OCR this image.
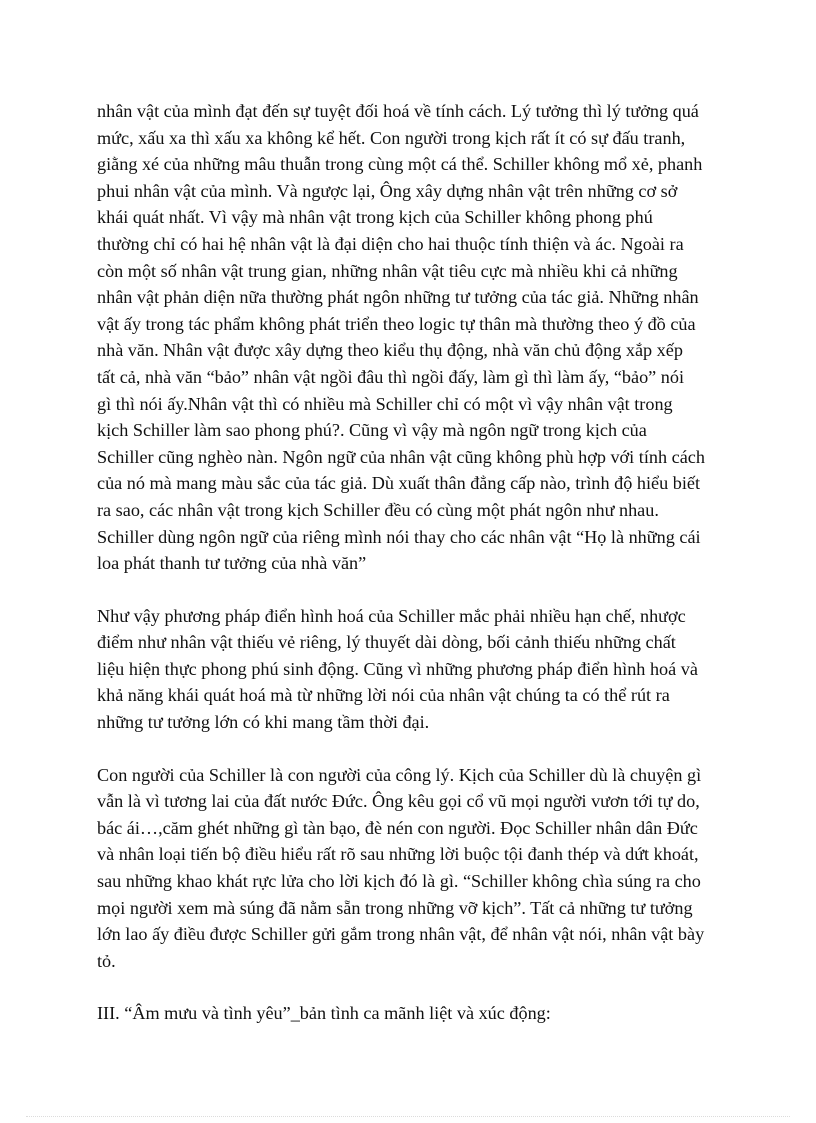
nhân vật của mình đạt đến sự tuyệt đối hoá về tính cách. Lý tưởng thì lý tưởng quá
mức, xấu xa thì xấu xa không kể hết. Con người trong kịch rất ít có sự đấu tranh,
giằng xé của những mâu thuẫn trong cùng một cá thể. Schiller không mổ xẻ, phanh
phui nhân vật của mình. Và ngược lại, Ông xây dựng nhân vật trên những cơ sở
khái quát nhất. Vì vậy mà nhân vật trong kịch của Schiller không phong phú
thường chỉ có hai hệ nhân vật là đại diện cho hai thuộc tính thiện và ác. Ngoài ra
còn một số nhân vật trung gian, những nhân vật tiêu cực mà nhiều khi cả những
nhân vật phản diện nữa thường phát ngôn những tư tưởng của tác giả. Những nhân
vật ấy trong tác phẩm không phát triển theo logic tự thân mà thường theo ý đồ của
nhà văn. Nhân vật được xây dựng theo kiểu thụ động, nhà văn chủ động xắp xếp
tất cả, nhà văn “bảo” nhân vật ngồi đâu thì ngồi đấy, làm gì thì làm ấy, “bảo” nói
gì thì nói ấy.Nhân vật thì có nhiều mà Schiller chỉ có một vì vậy nhân vật trong
kịch Schiller làm sao phong phú?. Cũng vì vậy mà ngôn ngữ trong kịch của
Schiller cũng nghèo nàn. Ngôn ngữ của nhân vật cũng không phù hợp với tính cách
của nó mà mang màu sắc của tác giả. Dù xuất thân đẳng cấp nào, trình độ hiểu biết
ra sao, các nhân vật trong kịch Schiller đều có cùng một phát ngôn như nhau.
Schiller dùng ngôn ngữ của riêng mình nói thay cho các nhân vật “Họ là những cái
loa phát thanh tư tưởng của nhà văn”
Như vậy phương pháp điển hình hoá của Schiller mắc phải nhiều hạn chế, nhược
điểm như nhân vật thiếu vẻ riêng, lý thuyết dài dòng, bối cảnh thiếu những chất
liệu hiện thực phong phú sinh động. Cũng vì những phương pháp điển hình hoá và
khả năng khái quát hoá mà từ những lời nói của nhân vật chúng ta có thể rút ra
những tư tưởng lớn có khi mang tầm thời đại.
Con người của Schiller là con người của công lý. Kịch của Schiller dù là chuyện gì
vẫn là vì tương lai của đất nước Đức. Ông kêu gọi cổ vũ mọi người vươn tới tự do,
bác ái…,căm ghét những gì tàn bạo, đè nén con người. Đọc Schiller nhân dân Đức
và nhân loại tiến bộ điều hiểu rất rõ sau những lời buộc tội đanh thép và dứt khoát,
sau những khao khát rực lửa cho lời kịch đó là gì. “Schiller không chìa súng ra cho
mọi người xem mà súng đã nằm sẵn trong những vỡ kịch”. Tất cả những tư tưởng
lớn lao ấy điều được Schiller gửi gắm trong nhân vật, để nhân vật nói, nhân vật bày
tỏ.

III. “Âm mưu và tình yêu”_bản tình ca mãnh liệt và xúc động:
